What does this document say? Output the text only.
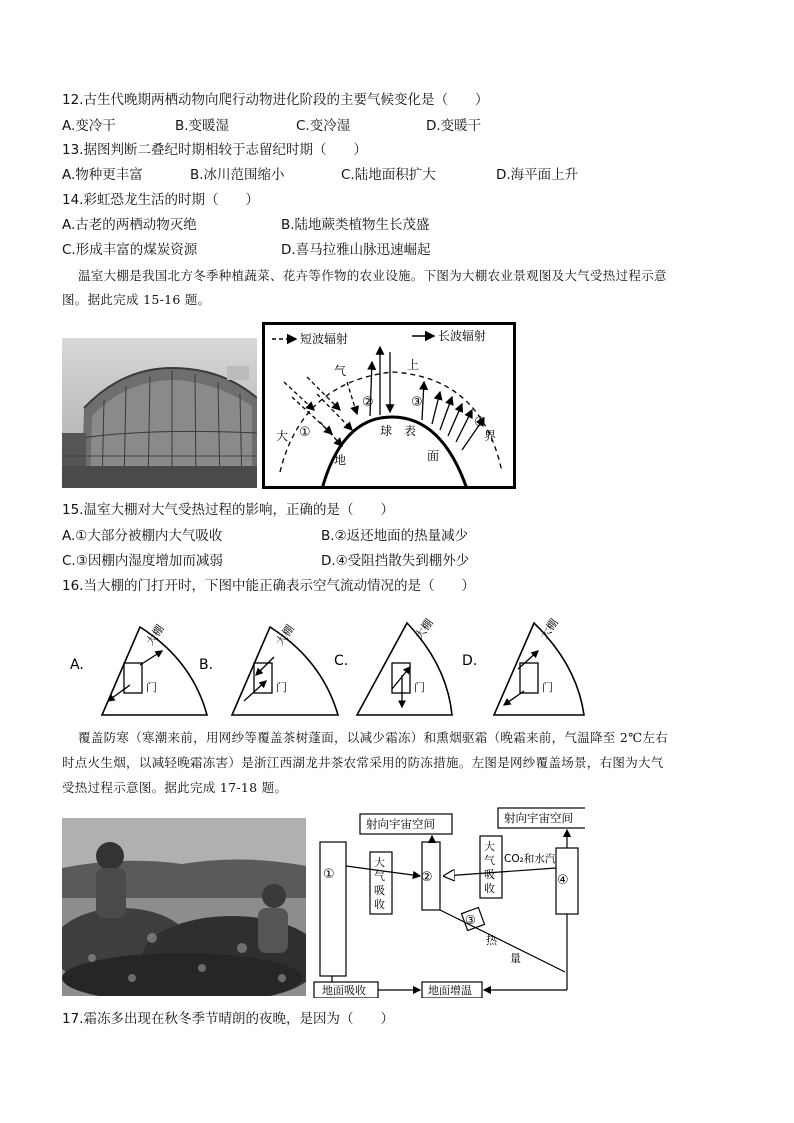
12.古生代晚期两栖动物向爬行动物进化阶段的主要气候变化是（　　）
A.变冷干	B.变暖湿	C.变冷湿	D.变暖干
13.据图判断二叠纪时期相较于志留纪时期（　　）
A.物种更丰富	B.冰川范围缩小	C.陆地面积扩大	D.海平面上升
14.彩虹恐龙生活的时期（　　）
A.古老的两栖动物灭绝	B.陆地蕨类植物生长茂盛
C.形成丰富的煤炭资源	D.喜马拉雅山脉迅速崛起
温室大棚是我国北方冬季种植蔬菜、花卉等作物的农业设施。下图为大棚农业景观图及大气受热过程示意
图。据此完成 15-16 题。
短波辐射	长波辐射
气	上
大	界
地
球 表
面
①
②	③
④
15.温室大棚对大气受热过程的影响，正确的是（　　）
A.①大部分被棚内大气吸收	B.②返还地面的热量减少
C.③因棚内湿度增加而减弱	D.④受阻挡散失到棚外少
16.当大棚的门打开时，下图中能正确表示空气流动情况的是（　　）
A.
大棚
门
B.
大棚
门
C.
大棚
门
D.
大棚
门
覆盖防寒（寒潮来前，用网纱等覆盖茶树蓬面，以减少霜冻）和熏烟驱霜（晚霜来前，气温降至 2℃左右
时点火生烟，以减轻晚霜冻害）是浙江西湖龙井茶农常采用的防冻措施。左图是网纱覆盖场景，右图为大气
受热过程示意图。据此完成 17-18 题。
射向宇宙空间	射向宇宙空间
①
大
气
吸
收
②
大
气
吸
收
CO₂和水汽
④
③
热
量
地面吸收	地面增温
17.霜冻多出现在秋冬季节晴朗的夜晚，是因为（　　）
